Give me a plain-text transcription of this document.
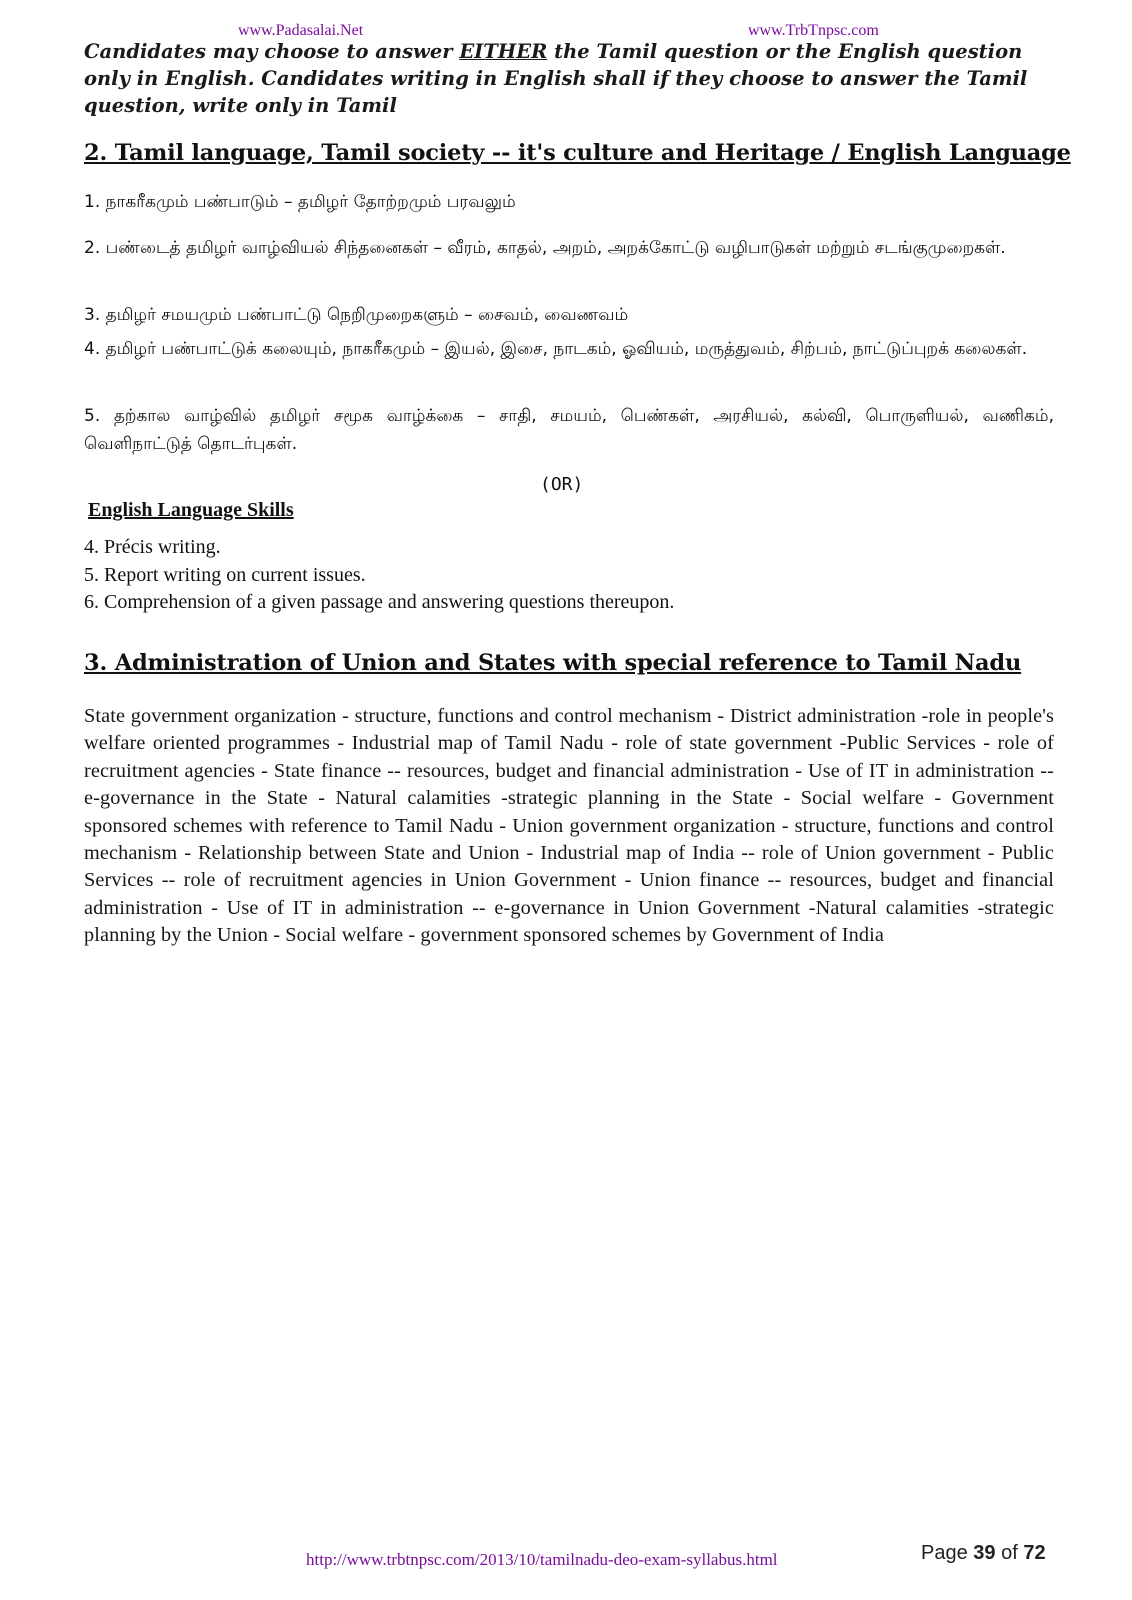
www.Padasalai.Net	www.TrbTnpsc.com
Candidates may choose to answer EITHER the Tamil question or the English question only in English. Candidates writing in English shall if they choose to answer the Tamil question, write only in Tamil
2. Tamil language, Tamil society -- it's culture and Heritage / English Language
1. நாகரீகமும் பண்பாடும் – தமிழர் தோற்றமும் பரவலும்
2. பண்டைத் தமிழர் வாழ்வியல் சிந்தனைகள் – வீரம், காதல், அறம், அறக்கோட்டு வழிபாடுகள் மற்றும் சடங்குமுறைகள்.
3. தமிழர் சமயமும் பண்பாட்டு நெறிமுறைகளும் – சைவம், வைணவம்
4. தமிழர் பண்பாட்டுக் கலையும், நாகரீகமும் – இயல், இசை, நாடகம், ஓவியம், மருத்துவம், சிற்பம், நாட்டுப்புறக் கலைகள்.
5. தற்கால வாழ்வில் தமிழர் சமூக வாழ்க்கை – சாதி, சமயம், பெண்கள், அரசியல், கல்வி, பொருளியல், வணிகம், வெளிநாட்டுத் தொடர்புகள்.
(OR)
English Language Skills
4. Précis writing.
5. Report writing on current issues.
6. Comprehension of a given passage and answering questions thereupon.
3. Administration of Union and States with special reference to Tamil Nadu
State government organization - structure, functions and control mechanism - District administration -role in people's welfare oriented programmes - Industrial map of Tamil Nadu - role of state government -Public Services - role of recruitment agencies - State finance -- resources, budget and financial administration - Use of IT in administration -- e-governance in the State - Natural calamities -strategic planning in the State - Social welfare - Government sponsored schemes with reference to Tamil Nadu - Union government organization - structure, functions and control mechanism - Relationship between State and Union - Industrial map of India -- role of Union government - Public Services -- role of recruitment agencies in Union Government - Union finance -- resources, budget and financial administration - Use of IT in administration -- e-governance in Union Government -Natural calamities -strategic planning by the Union - Social welfare - government sponsored schemes by Government of India
http://www.trbtnpsc.com/2013/10/tamilnadu-deo-exam-syllabus.html	Page 39 of 72
